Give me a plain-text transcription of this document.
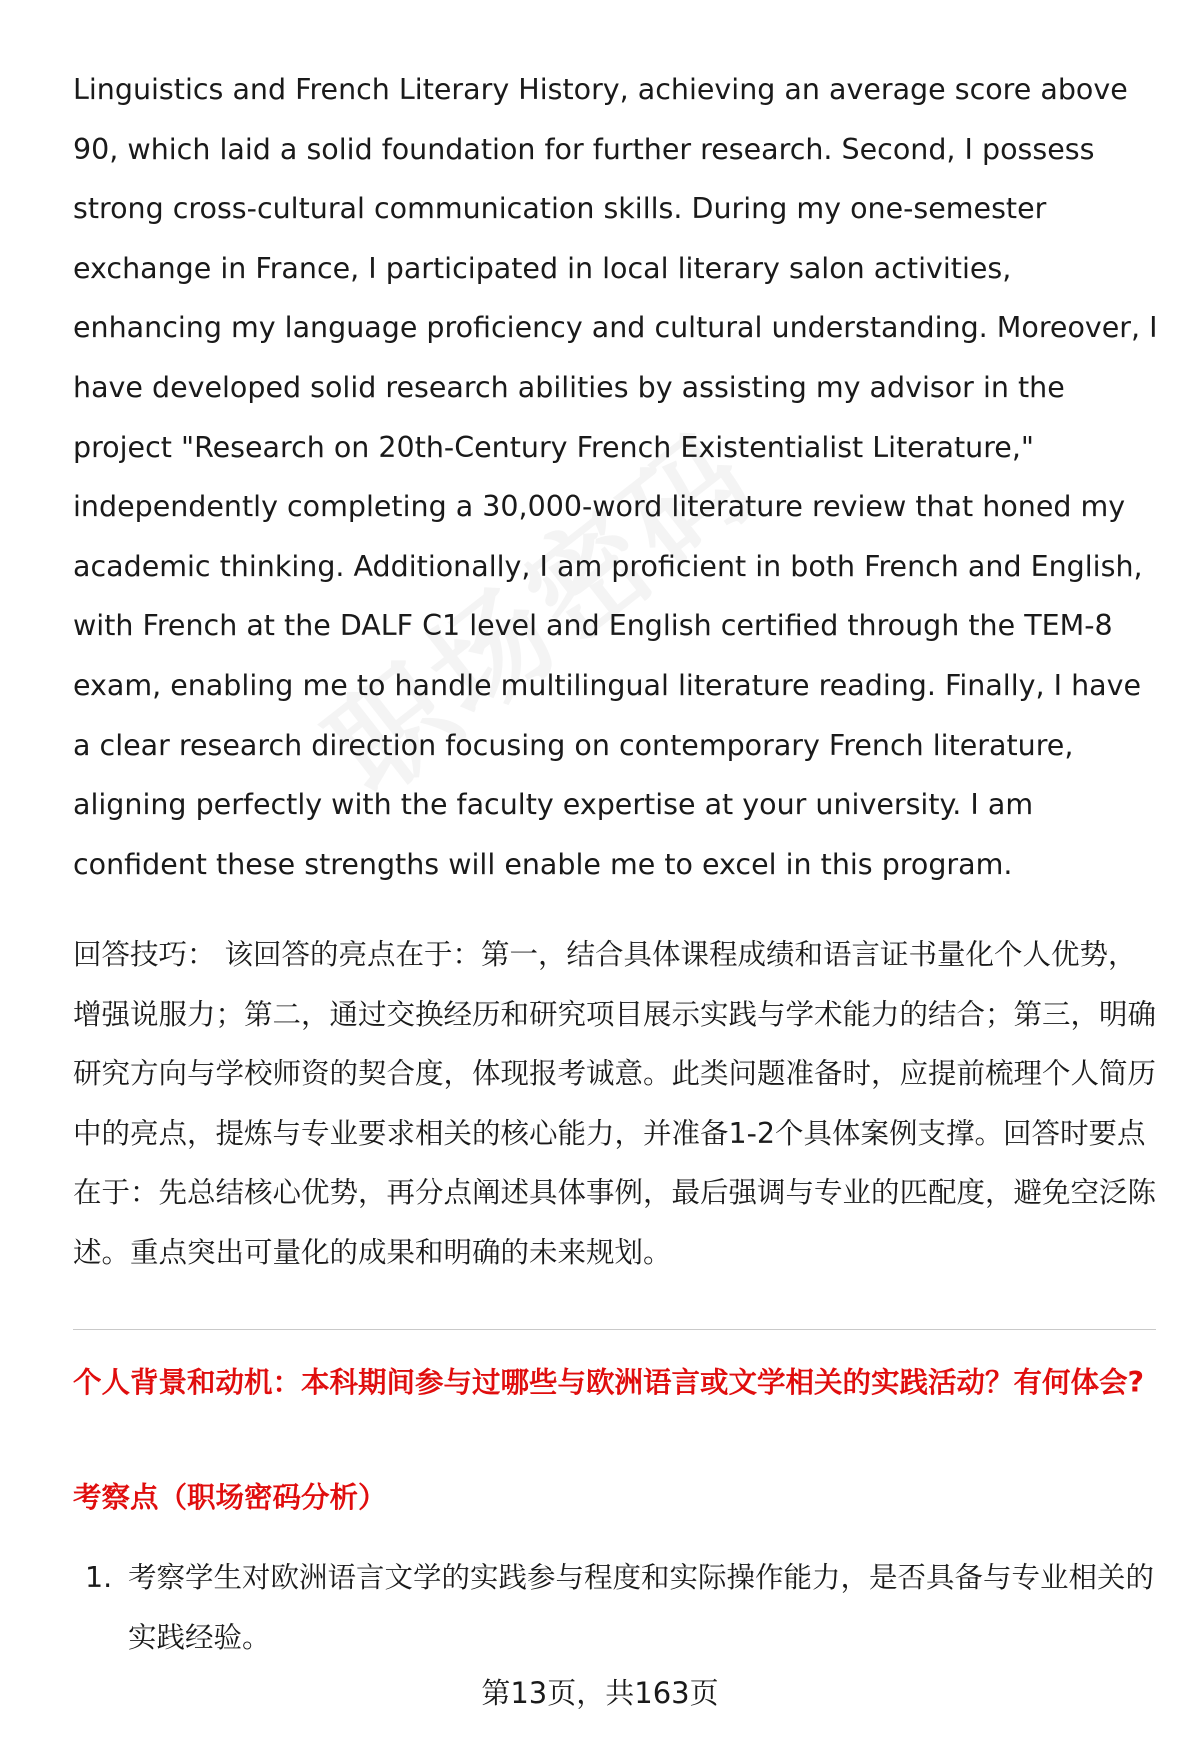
Linguistics and French Literary History, achieving an average score above 90, which laid a solid foundation for further research. Second, I possess strong cross-cultural communication skills. During my one-semester exchange in France, I participated in local literary salon activities, enhancing my language proficiency and cultural understanding. Moreover, I have developed solid research abilities by assisting my advisor in the project "Research on 20th-Century French Existentialist Literature," independently completing a 30,000-word literature review that honed my academic thinking. Additionally, I am proficient in both French and English, with French at the DALF C1 level and English certified through the TEM-8 exam, enabling me to handle multilingual literature reading. Finally, I have a clear research direction focusing on contemporary French literature, aligning perfectly with the faculty expertise at your university. I am confident these strengths will enable me to excel in this program.

回答技巧： 该回答的亮点在于：第一，结合具体课程成绩和语言证书量化个人优势，增强说服力；第二，通过交换经历和研究项目展示实践与学术能力的结合；第三，明确研究方向与学校师资的契合度，体现报考诚意。此类问题准备时，应提前梳理个人简历中的亮点，提炼与专业要求相关的核心能力，并准备1-2个具体案例支撑。回答时要点在于：先总结核心优势，再分点阐述具体事例，最后强调与专业的匹配度，避免空泛陈述。重点突出可量化的成果和明确的未来规划。

个人背景和动机：本科期间参与过哪些与欧洲语言或文学相关的实践活动？有何体会?

考察点（职场密码分析）

1. 考察学生对欧洲语言文学的实践参与程度和实际操作能力，是否具备与专业相关的实践经验。
第13页，共163页
